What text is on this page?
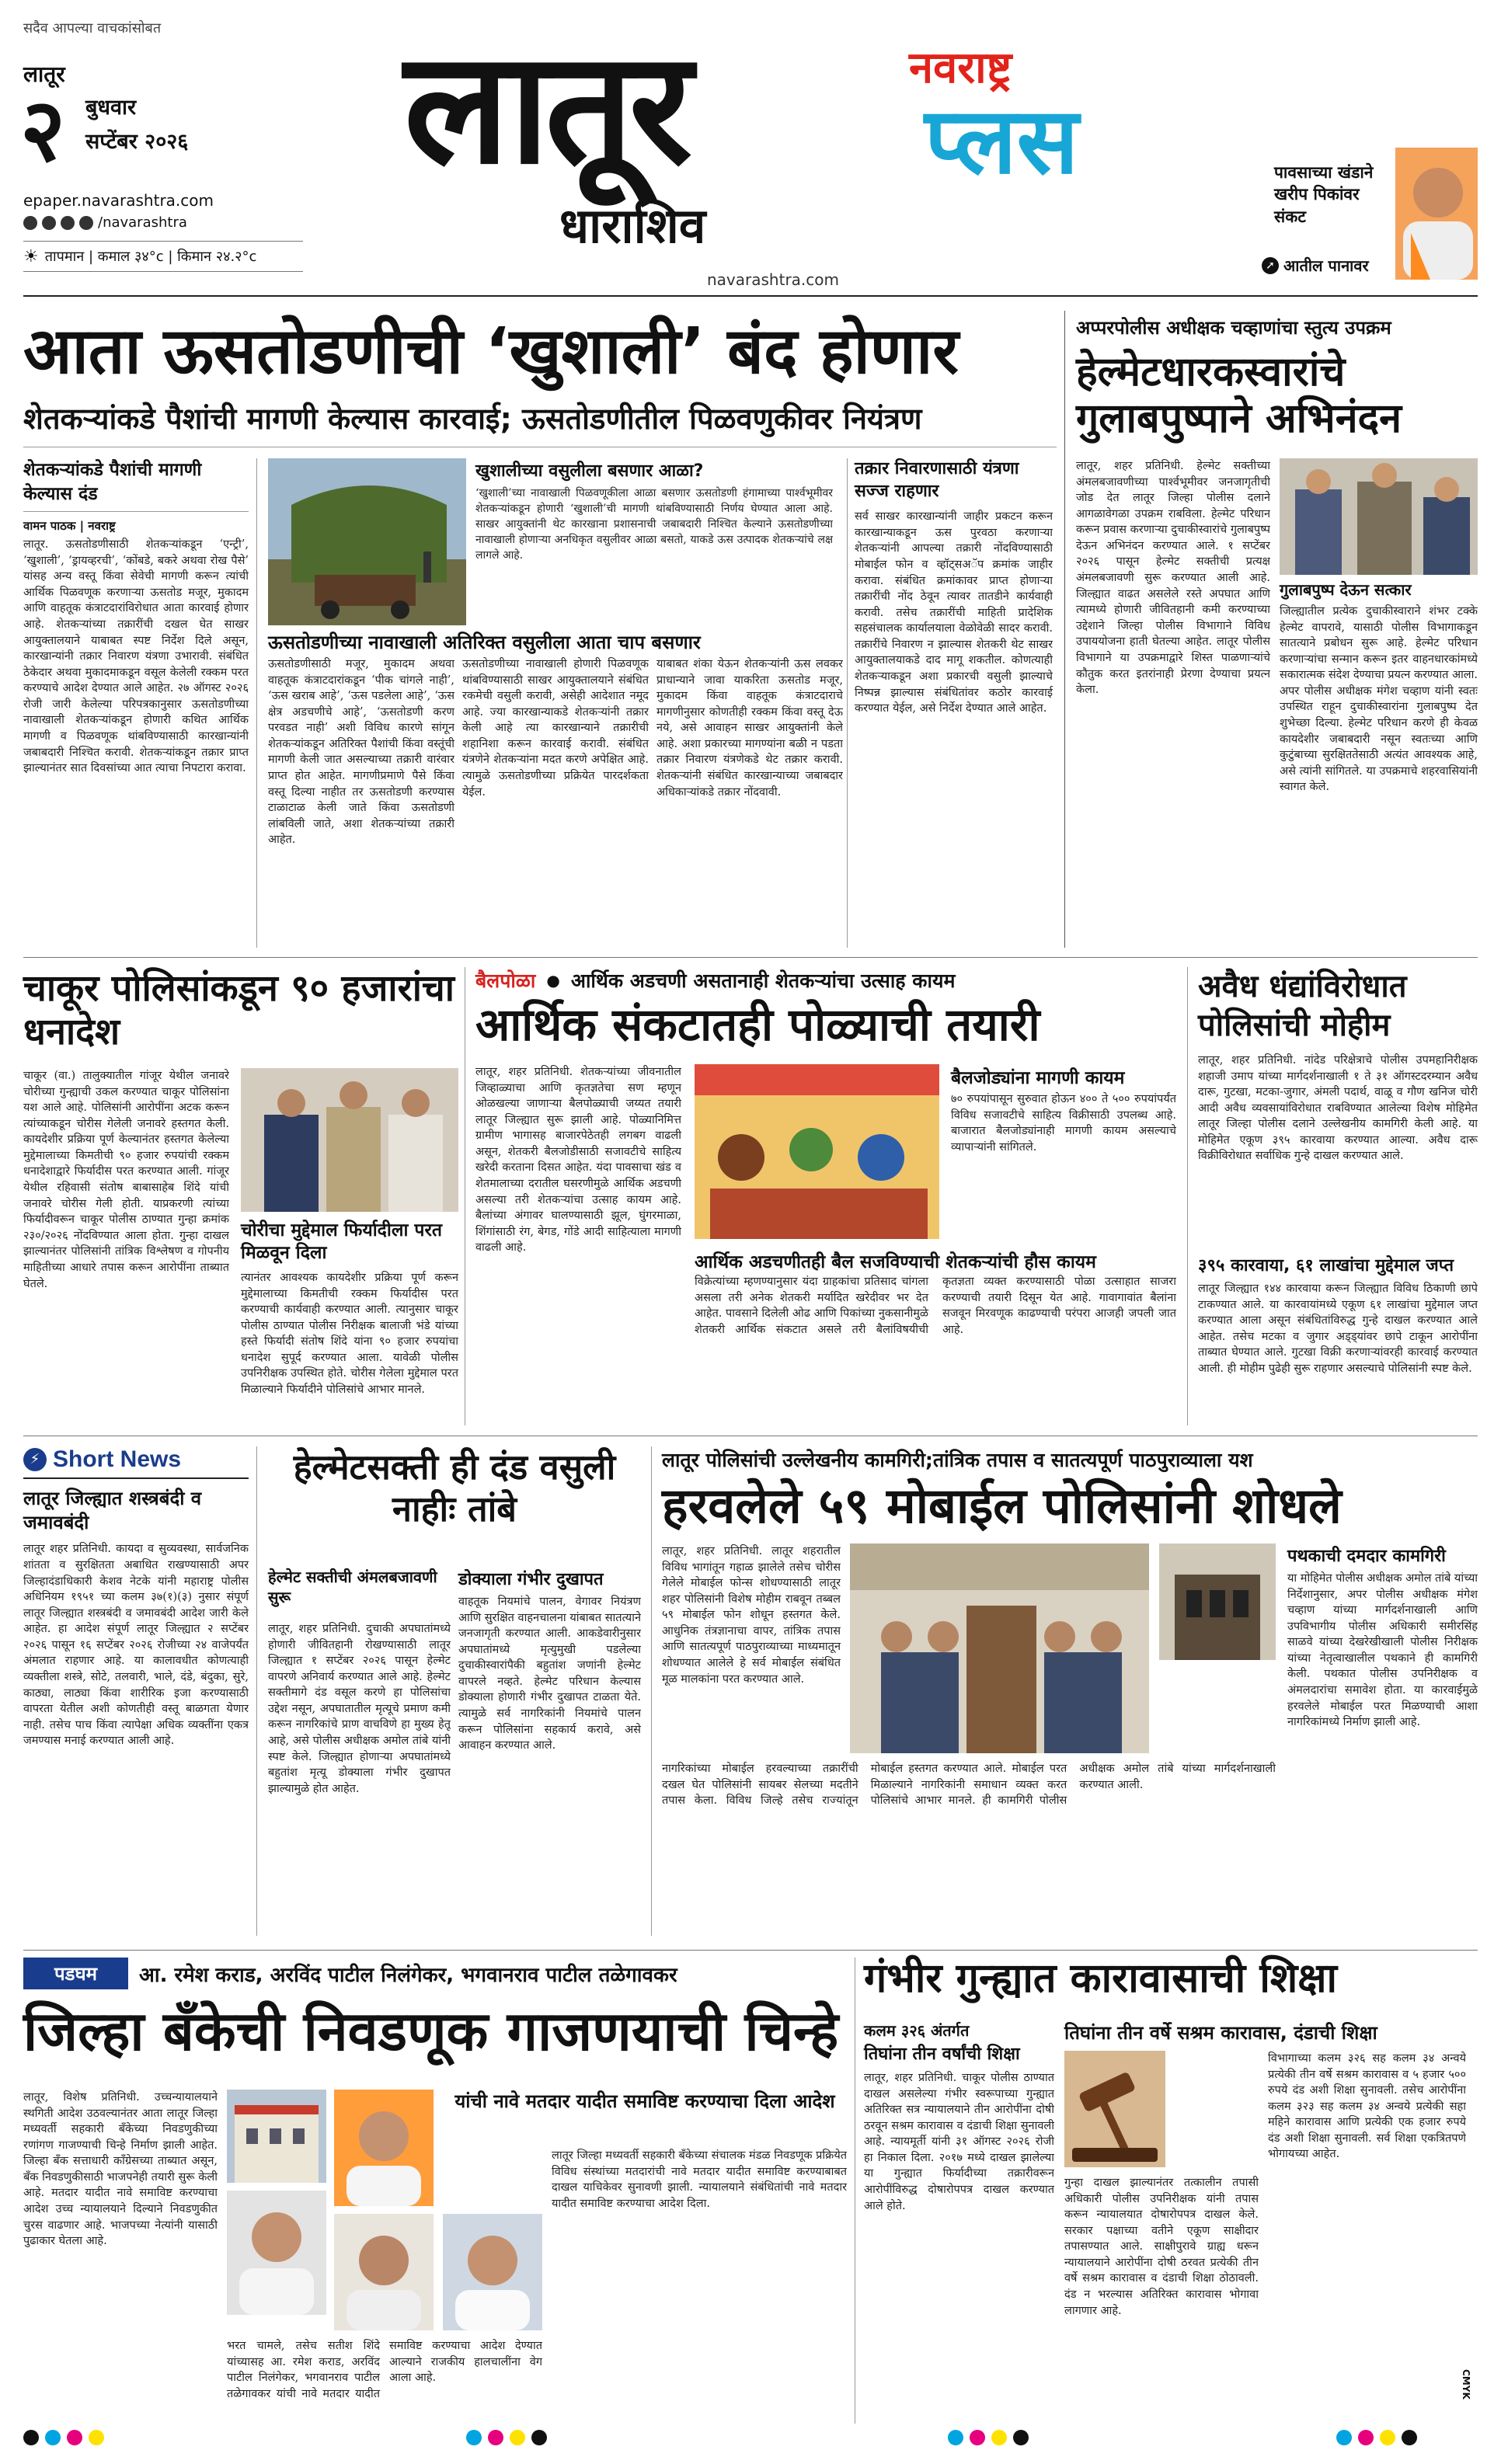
सदैव आपल्या वाचकांसोबत
लातूर
२ बुधवार
सप्टेंबर २०२६
epaper.navarashtra.com
/navarashtra
☀ तापमान | कमाल ३४°c | किमान २४.२°c
लातूर
धाराशिव
नवराष्ट्र
प्लस
navarashtra.com
पावसाच्या खंडाने खरीप पिकांवर संकट
➚ आतील पानावर
आता ऊसतोडणीची ‘खुशाली’ बंद होणार
शेतकऱ्यांकडे पैशांची मागणी केल्यास कारवाई; ऊसतोडणीतील पिळवणुकीवर नियंत्रण
शेतकऱ्यांकडे पैशांची मागणी केल्यास दंड
वामन पाठक | नवराष्ट्र
लातूर. ऊसतोडणीसाठी शेतकऱ्यांकडून ‘एन्ट्री’, ‘खुशाली’, ‘ड्रायव्हरची’, ‘कोंबडे, बकरे अथवा रोख पैसे’ यांसह अन्य वस्तू किंवा सेवेची मागणी करून त्यांची आर्थिक पिळवणूक करणाऱ्या ऊसतोड मजूर, मुकादम आणि वाहतूक कंत्राटदारांविरोधात आता कारवाई होणार आहे. शेतकऱ्यांच्या तक्रारींची दखल घेत साखर आयुक्तालयाने याबाबत स्पष्ट निर्देश दिले असून, कारखान्यांनी तक्रार निवारण यंत्रणा उभारावी. संबंधित ठेकेदार अथवा मुकादमाकडून वसूल केलेली रक्कम परत करण्याचे आदेश देण्यात आले आहेत. २७ ऑगस्ट २०२६ रोजी जारी केलेल्या परिपत्रकानुसार ऊसतोडणीच्या नावाखाली शेतकऱ्यांकडून होणारी कथित आर्थिक मागणी व पिळवणूक थांबविण्यासाठी कारखान्यांनी जबाबदारी निश्चित करावी. शेतकऱ्यांकडून तक्रार प्राप्त झाल्यानंतर सात दिवसांच्या आत त्याचा निपटारा करावा.
खुशालीच्या वसुलीला बसणार आळा?
‘खुशाली’च्या नावाखाली पिळवणूकीला आळा बसणार ऊसतोडणी हंगामाच्या पार्श्वभूमीवर शेतकऱ्यांकडून होणारी ‘खुशाली’ची मागणी थांबविण्यासाठी निर्णय घेण्यात आला आहे. साखर आयुक्तांनी थेट कारखाना प्रशासनाची जबाबदारी निश्चित केल्याने ऊसतोडणीच्या नावाखाली होणाऱ्या अनधिकृत वसुलीवर आळा बसतो, याकडे ऊस उत्पादक शेतकऱ्यांचे लक्ष लागले आहे.
ऊसतोडणीच्या नावाखाली अतिरिक्त वसुलीला आता चाप बसणार
ऊसतोडणीसाठी मजूर, मुकादम अथवा वाहतूक कंत्राटदारांकडून ‘पीक चांगले नाही’, ‘ऊस खराब आहे’, ‘ऊस पडलेला आहे’, ‘ऊस क्षेत्र अडचणीचे आहे’, ‘ऊसतोडणी करण परवडत नाही’ अशी विविध कारणे सांगून शेतकऱ्यांकडून अतिरिक्त पैशांची किंवा वस्तूंची मागणी केली जात असल्याच्या तक्रारी वारंवार प्राप्त होत आहेत. मागणीप्रमाणे पैसे किंवा वस्तू दिल्या नाहीत तर ऊसतोडणी करण्यास टाळाटाळ केली जाते किंवा ऊसतोडणी लांबविली जाते, अशा शेतकऱ्यांच्या तक्रारी आहेत.
ऊसतोडणीच्या नावाखाली होणारी पिळवणूक थांबविण्यासाठी साखर आयुक्तालयाने संबंधित रकमेची वसुली करावी, असेही आदेशात नमूद आहे. ज्या कारखान्याकडे शेतकऱ्यांनी तक्रार केली आहे त्या कारखान्याने तक्रारीची शहानिशा करून कारवाई करावी. संबंधित यंत्रणेने शेतकऱ्यांना मदत करणे अपेक्षित आहे. त्यामुळे ऊसतोडणीच्या प्रक्रियेत पारदर्शकता येईल.
याबाबत शंका येऊन शेतकऱ्यांनी ऊस लवकर प्राधान्याने जावा याकरिता ऊसतोड मजूर, मुकादम किंवा वाहतूक कंत्राटदाराचे मागणीनुसार कोणतीही रक्कम किंवा वस्तू देऊ नये, असे आवाहन साखर आयुक्तांनी केले आहे. अशा प्रकारच्या मागण्यांना बळी न पडता तक्रार निवारण यंत्रणेकडे थेट तक्रार करावी. शेतकऱ्यांनी संबंधित कारखान्याच्या जबाबदार अधिकाऱ्यांकडे तक्रार नोंदवावी.
तक्रार निवारणासाठी यंत्रणा सज्ज राहणार
सर्व साखर कारखान्यांनी जाहीर प्रकटन करून कारखान्याकडून ऊस पुरवठा करणाऱ्या शेतकऱ्यांनी आपल्या तक्रारी नोंदविण्यासाठी मोबाईल फोन व व्हॉट्सअॅप क्रमांक जाहीर करावा. संबंधित क्रमांकावर प्राप्त होणाऱ्या तक्रारींची नोंद ठेवून त्यावर तातडीने कार्यवाही करावी. तसेच तक्रारींची माहिती प्रादेशिक सहसंचालक कार्यालयाला वेळोवेळी सादर करावी. तक्रारींचे निवारण न झाल्यास शेतकरी थेट साखर आयुक्तालयाकडे दाद मागू शकतील. कोणत्याही शेतकऱ्याकडून अशा प्रकारची वसुली झाल्याचे निष्पन्न झाल्यास संबंधितांवर कठोर कारवाई करण्यात येईल, असे निर्देश देण्यात आले आहेत.
अप्परपोलीस अधीक्षक चव्हाणांचा स्तुत्य उपक्रम
हेल्मेटधारकस्वारांचे गुलाबपुष्पाने अभिनंदन
लातूर, शहर प्रतिनिधी. हेल्मेट सक्तीच्या अंमलबजावणीच्या पार्श्वभूमीवर जनजागृतीची जोड देत लातूर जिल्हा पोलीस दलाने आगळावेगळा उपक्रम राबविला. हेल्मेट परिधान करून प्रवास करणाऱ्या दुचाकीस्वारांचे गुलाबपुष्प देऊन अभिनंदन करण्यात आले. १ सप्टेंबर २०२६ पासून हेल्मेट सक्तीची प्रत्यक्ष अंमलबजावणी सुरू करण्यात आली आहे. जिल्ह्यात वाढत असलेले रस्ते अपघात आणि त्यामध्ये होणारी जीवितहानी कमी करण्याच्या उद्देशाने जिल्हा पोलीस विभागाने विविध उपाययोजना हाती घेतल्या आहेत. लातूर पोलीस विभागाने या उपक्रमाद्वारे शिस्त पाळणाऱ्यांचे कौतुक करत इतरांनाही प्रेरणा देण्याचा प्रयत्न केला.
गुलाबपुष्प देऊन सत्कार
जिल्ह्यातील प्रत्येक दुचाकीस्वाराने शंभर टक्के हेल्मेट वापरावे, यासाठी पोलीस विभागाकडून सातत्याने प्रबोधन सुरू आहे. हेल्मेट परिधान करणाऱ्यांचा सन्मान करून इतर वाहनधारकांमध्ये सकारात्मक संदेश देण्याचा प्रयत्न करण्यात आला. अपर पोलीस अधीक्षक मंगेश चव्हाण यांनी स्वतः उपस्थित राहून दुचाकीस्वारांना गुलाबपुष्प देत शुभेच्छा दिल्या. हेल्मेट परिधान करणे ही केवळ कायदेशीर जबाबदारी नसून स्वतःच्या आणि कुटुंबाच्या सुरक्षिततेसाठी अत्यंत आवश्यक आहे, असे त्यांनी सांगितले. या उपक्रमाचे शहरवासियांनी स्वागत केले.
चाकूर पोलिसांकडून ९० हजारांचा धनादेश
चाकूर (वा.) तालुक्यातील गांजूर येथील जनावरे चोरीच्या गुन्ह्याची उकल करण्यात चाकूर पोलिसांना यश आले आहे. पोलिसांनी आरोपींना अटक करून त्यांच्याकडून चोरीस गेलेली जनावरे हस्तगत केली. कायदेशीर प्रक्रिया पूर्ण केल्यानंतर हस्तगत केलेल्या मुद्देमालाच्या किमतीची ९० हजार रुपयांची रक्कम धनादेशाद्वारे फिर्यादीस परत करण्यात आली. गांजूर येथील रहिवासी संतोष बाबासाहेब शिंदे यांची जनावरे चोरीस गेली होती. याप्रकरणी त्यांच्या फिर्यादीवरून चाकूर पोलीस ठाण्यात गुन्हा क्रमांक २३०/२०२६ नोंदविण्यात आला होता. गुन्हा दाखल झाल्यानंतर पोलिसांनी तांत्रिक विश्लेषण व गोपनीय माहितीच्या आधारे तपास करून आरोपींना ताब्यात घेतले.
चोरीचा मुद्देमाल फिर्यादीला परत मिळवून दिला
त्यानंतर आवश्यक कायदेशीर प्रक्रिया पूर्ण करून मुद्देमालाच्या किमतीची रक्कम फिर्यादीस परत करण्याची कार्यवाही करण्यात आली. त्यानुसार चाकूर पोलीस ठाण्यात पोलीस निरीक्षक बालाजी भंडे यांच्या हस्ते फिर्यादी संतोष शिंदे यांना ९० हजार रुपयांचा धनादेश सुपूर्द करण्यात आला. यावेळी पोलीस उपनिरीक्षक उपस्थित होते. चोरीस गेलेला मुद्देमाल परत मिळाल्याने फिर्यादीने पोलिसांचे आभार मानले.
बैलपोळा ● आर्थिक अडचणी असतानाही शेतकऱ्यांचा उत्साह कायम
आर्थिक संकटातही पोळ्याची तयारी
लातूर, शहर प्रतिनिधी. शेतकऱ्यांच्या जीवनातील जिव्हाळ्याचा आणि कृतज्ञतेचा सण म्हणून ओळखल्या जाणाऱ्या बैलपोळ्याची जय्यत तयारी लातूर जिल्ह्यात सुरू झाली आहे. पोळ्यानिमित्त ग्रामीण भागासह बाजारपेठेतही लगबग वाढली असून, शेतकरी बैलजोडीसाठी सजावटीचे साहित्य खरेदी करताना दिसत आहेत. यंदा पावसाचा खंड व शेतमालाच्या दरातील घसरणीमुळे आर्थिक अडचणी असल्या तरी शेतकऱ्यांचा उत्साह कायम आहे. बैलांच्या अंगावर घालण्यासाठी झूल, घुंगरमाळा, शिंगांसाठी रंग, बेगड, गोंडे आदी साहित्याला मागणी वाढली आहे.
बैलजोड्यांना मागणी कायम
७० रुपयांपासून सुरुवात होऊन ४०० ते ५०० रुपयांपर्यंत विविध सजावटीचे साहित्य विक्रीसाठी उपलब्ध आहे. बाजारात बैलजोड्यांनाही मागणी कायम असल्याचे व्यापाऱ्यांनी सांगितले.
आर्थिक अडचणीतही बैल सजविण्याची शेतकऱ्यांची हौस कायम
विक्रेत्यांच्या म्हणण्यानुसार यंदा ग्राहकांचा प्रतिसाद चांगला असला तरी अनेक शेतकरी मर्यादित खरेदीवर भर देत आहेत. पावसाने दिलेली ओढ आणि पिकांच्या नुकसानीमुळे शेतकरी आर्थिक संकटात असले तरी बैलांविषयीची कृतज्ञता व्यक्त करण्यासाठी पोळा उत्साहात साजरा करण्याची तयारी दिसून येत आहे. गावागावांत बैलांना सजवून मिरवणूक काढण्याची परंपरा आजही जपली जात आहे.
अवैध धंद्यांविरोधात पोलिसांची मोहीम
लातूर, शहर प्रतिनिधी. नांदेड परिक्षेत्राचे पोलीस उपमहानिरीक्षक शहाजी उमाप यांच्या मार्गदर्शनाखाली १ ते ३१ ऑगस्टदरम्यान अवैध दारू, गुटखा, मटका-जुगार, अंमली पदार्थ, वाळू व गौण खनिज चोरी आदी अवैध व्यवसायांविरोधात राबविण्यात आलेल्या विशेष मोहिमेत लातूर जिल्हा पोलीस दलाने उल्लेखनीय कामगिरी केली आहे. या मोहिमेत एकूण ३९५ कारवाया करण्यात आल्या. अवैध दारू विक्रीविरोधात सर्वाधिक गुन्हे दाखल करण्यात आले.
३९५ कारवाया, ६१ लाखांचा मुद्देमाल जप्त
लातूर जिल्ह्यात १४४ कारवाया करून जिल्ह्यात विविध ठिकाणी छापे टाकण्यात आले. या कारवायांमध्ये एकूण ६१ लाखांचा मुद्देमाल जप्त करण्यात आला असून संबंधितांविरुद्ध गुन्हे दाखल करण्यात आले आहेत. तसेच मटका व जुगार अड्ड्यांवर छापे टाकून आरोपींना ताब्यात घेण्यात आले. गुटखा विक्री करणाऱ्यांवरही कारवाई करण्यात आली. ही मोहीम पुढेही सुरू राहणार असल्याचे पोलिसांनी स्पष्ट केले.
⚡ Short News
लातूर जिल्ह्यात शस्त्रबंदी व जमावबंदी
लातूर शहर प्रतिनिधी. कायदा व सुव्यवस्था, सार्वजनिक शांतता व सुरक्षितता अबाधित राखण्यासाठी अपर जिल्हादंडाधिकारी केशव नेटके यांनी महाराष्ट्र पोलीस अधिनियम १९५१ च्या कलम ३७(१)(३) नुसार संपूर्ण लातूर जिल्ह्यात शस्त्रबंदी व जमावबंदी आदेश जारी केले आहेत. हा आदेश संपूर्ण लातूर जिल्ह्यात २ सप्टेंबर २०२६ पासून १६ सप्टेंबर २०२६ रोजीच्या २४ वाजेपर्यंत अंमलात राहणार आहे. या कालावधीत कोणत्याही व्यक्तीला शस्त्रे, सोटे, तलवारी, भाले, दंडे, बंदुका, सुरे, काठ्या, लाठ्या किंवा शारीरिक इजा करण्यासाठी वापरता येतील अशी कोणतीही वस्तू बाळगता येणार नाही. तसेच पाच किंवा त्यापेक्षा अधिक व्यक्तींना एकत्र जमण्यास मनाई करण्यात आली आहे.
हेल्मेटसक्ती ही दंड वसुली नाहीः तांबे
हेल्मेट सक्तीची अंमलबजावणी सुरू
लातूर, शहर प्रतिनिधी. दुचाकी अपघातांमध्ये होणारी जीवितहानी रोखण्यासाठी लातूर जिल्ह्यात १ सप्टेंबर २०२६ पासून हेल्मेट वापरणे अनिवार्य करण्यात आले आहे. हेल्मेट सक्तीमागे दंड वसूल करणे हा पोलिसांचा उद्देश नसून, अपघातातील मृत्यूचे प्रमाण कमी करून नागरिकांचे प्राण वाचविणे हा मुख्य हेतू आहे, असे पोलीस अधीक्षक अमोल तांबे यांनी स्पष्ट केले. जिल्ह्यात होणाऱ्या अपघातांमध्ये बहुतांश मृत्यू डोक्याला गंभीर दुखापत झाल्यामुळे होत आहेत.
डोक्याला गंभीर दुखापत
वाहतूक नियमांचे पालन, वेगावर नियंत्रण आणि सुरक्षित वाहनचालना यांबाबत सातत्याने जनजागृती करण्यात आली. आकडेवारीनुसार अपघातांमध्ये मृत्युमुखी पडलेल्या दुचाकीस्वारांपैकी बहुतांश जणांनी हेल्मेट वापरले नव्हते. हेल्मेट परिधान केल्यास डोक्याला होणारी गंभीर दुखापत टाळता येते. त्यामुळे सर्व नागरिकांनी नियमांचे पालन करून पोलिसांना सहकार्य करावे, असे आवाहन करण्यात आले.
लातूर पोलिसांची उल्लेखनीय कामगिरी;तांत्रिक तपास व सातत्यपूर्ण पाठपुराव्याला यश
हरवलेले ५९ मोबाईल पोलिसांनी शोधले
लातूर, शहर प्रतिनिधी. लातूर शहरातील विविध भागांतून गहाळ झालेले तसेच चोरीस गेलेले मोबाईल फोन्स शोधण्यासाठी लातूर शहर पोलिसांनी विशेष मोहीम राबवून तब्बल ५९ मोबाईल फोन शोधून हस्तगत केले. आधुनिक तंत्रज्ञानाचा वापर, तांत्रिक तपास आणि सातत्यपूर्ण पाठपुराव्याच्या माध्यमातून शोधण्यात आलेले हे सर्व मोबाईल संबंधित मूळ मालकांना परत करण्यात आले.
पथकाची दमदार कामगिरी
या मोहिमेत पोलीस अधीक्षक अमोल तांबे यांच्या निर्देशानुसार, अपर पोलीस अधीक्षक मंगेश चव्हाण यांच्या मार्गदर्शनाखाली आणि उपविभागीय पोलीस अधिकारी समीरसिंह साळवे यांच्या देखरेखीखाली पोलीस निरीक्षक यांच्या नेतृत्वाखालील पथकाने ही कामगिरी केली. पथकात पोलीस उपनिरीक्षक व अंमलदारांचा समावेश होता. या कारवाईमुळे हरवलेले मोबाईल परत मिळण्याची आशा नागरिकांमध्ये निर्माण झाली आहे.
नागरिकांच्या मोबाईल हरवल्याच्या तक्रारींची दखल घेत पोलिसांनी सायबर सेलच्या मदतीने तपास केला. विविध जिल्हे तसेच राज्यांतून मोबाईल हस्तगत करण्यात आले. मोबाईल परत मिळाल्याने नागरिकांनी समाधान व्यक्त करत पोलिसांचे आभार मानले. ही कामगिरी पोलीस अधीक्षक अमोल तांबे यांच्या मार्गदर्शनाखाली करण्यात आली.
पडघम	आ. रमेश कराड, अरविंद पाटील निलंगेकर, भगवानराव पाटील तळेगावकर
जिल्हा बँकेची निवडणूक गाजणयाची चिन्हे
लातूर, विशेष प्रतिनिधी. उच्चन्यायालयाने स्थगिती आदेश उठवल्यानंतर आता लातूर जिल्हा मध्यवर्ती सहकारी बँकेच्या निवडणुकीच्या रणांगण गाजण्याची चिन्हे निर्माण झाली आहेत. जिल्हा बँक सत्ताधारी काँग्रेसच्या ताब्यात असून, बँक निवडणुकीसाठी भाजपनेही तयारी सुरू केली आहे. मतदार यादीत नावे समाविष्ट करण्याचा आदेश उच्च न्यायालयाने दिल्याने निवडणुकीत चुरस वाढणार आहे. भाजपच्या नेत्यांनी यासाठी पुढाकार घेतला आहे.
यांची नावे मतदार यादीत समाविष्ट करण्याचा दिला आदेश
लातूर जिल्हा मध्यवर्ती सहकारी बँकेच्या संचालक मंडळ निवडणूक प्रक्रियेत विविध संस्थांच्या मतदारांची नावे मतदार यादीत समाविष्ट करण्याबाबत दाखल याचिकेवर सुनावणी झाली. न्यायालयाने संबंधितांची नावे मतदार यादीत समाविष्ट करण्याचा आदेश दिला.
भरत चामले, तसेच सतीश शिंदे यांच्यासह आ. रमेश कराड, अरविंद पाटील निलंगेकर, भगवानराव पाटील तळेगावकर यांची नावे मतदार यादीत समाविष्ट करण्याचा आदेश देण्यात आल्याने राजकीय हालचालींना वेग आला आहे.
गंभीर गुन्ह्यात कारावासाची शिक्षा
कलम ३२६ अंतर्गत
तिघांना तीन वर्षांची शिक्षा
लातूर, शहर प्रतिनिधी. चाकूर पोलीस ठाण्यात दाखल असलेल्या गंभीर स्वरूपाच्या गुन्ह्यात अतिरिक्त सत्र न्यायालयाने तीन आरोपींना दोषी ठरवून सश्रम कारावास व दंडाची शिक्षा सुनावली आहे. न्यायमूर्ती यांनी ३१ ऑगस्ट २०२६ रोजी हा निकाल दिला. २०१७ मध्ये दाखल झालेल्या या गुन्ह्यात फिर्यादीच्या तक्रारीवरून आरोपींविरुद्ध दोषारोपपत्र दाखल करण्यात आले होते.
तिघांना तीन वर्षे सश्रम कारावास, दंडाची शिक्षा
गुन्हा दाखल झाल्यानंतर तत्कालीन तपासी अधिकारी पोलीस उपनिरीक्षक यांनी तपास करून न्यायालयात दोषारोपपत्र दाखल केले. सरकार पक्षाच्या वतीने एकूण साक्षीदार तपासण्यात आले. साक्षीपुरावे ग्राह्य धरून न्यायालयाने आरोपींना दोषी ठरवत प्रत्येकी तीन वर्षे सश्रम कारावास व दंडाची शिक्षा ठोठावली. दंड न भरल्यास अतिरिक्त कारावास भोगावा लागणार आहे.
विभागाच्या कलम ३२६ सह कलम ३४ अन्वये प्रत्येकी तीन वर्षे सश्रम कारावास व ५ हजार ५०० रुपये दंड अशी शिक्षा सुनावली. तसेच आरोपींना कलम ३२३ सह कलम ३४ अन्वये प्रत्येकी सहा महिने कारावास आणि प्रत्येकी एक हजार रुपये दंड अशी शिक्षा सुनावली. सर्व शिक्षा एकत्रितपणे भोगायच्या आहेत.
CMYK
